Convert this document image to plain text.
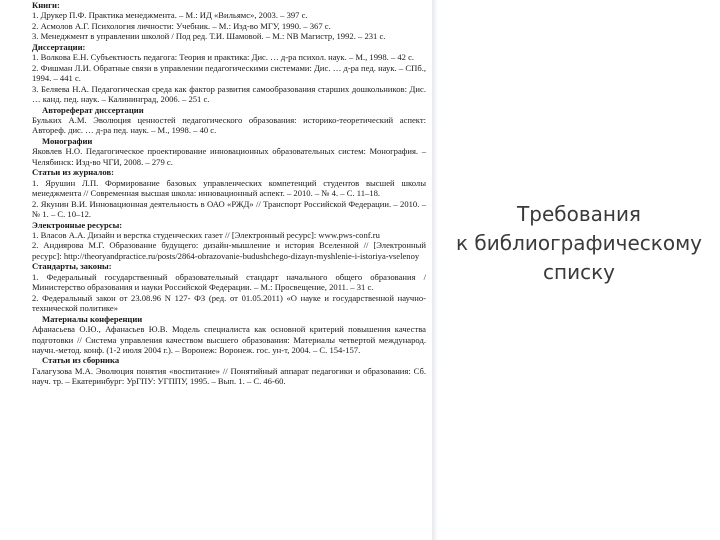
Книги:
1. Друкер П.Ф. Практика менеджмента. – М.: ИД «Вильямс», 2003. – 397 с.
2. Асмолов А.Г. Психология личности: Учебник. – М.: Изд-во МГУ, 1990. – 367 с.
3. Менеджмент в управлении школой / Под ред. Т.И. Шамовой. – М.: NB Магистр, 1992. – 231 с.
Диссертации:
1. Волкова Е.Н. Субъектность педагога: Теория и практика: Дис. … д-ра психол. наук. – М., 1998. – 42 с.
2. Фишман Л.И. Обратные связи в управлении педагогическими системами: Дис. … д-ра пед. наук. – СПб., 1994. – 441 с.
3. Беляева Н.А. Педагогическая среда как фактор развития самообразования старших дошкольников: Дис. … канд. пед. наук. – Калининград, 2006. – 251 с.
Автореферат диссертации
Бульких А.М. Эволюция ценностей педагогического образования: историко-теоретический аспект: Автореф. дис. … д-ра пед. наук. – М., 1998. – 40 с.
Монографии
Яковлев Н.О. Педагогическое проектирование инновационных образовательных систем: Монография. – Челябинск: Изд-во ЧГИ, 2008. – 279 с.
Статьи из журналов:
1. Ярушин Л.П. Формирование базовых управленческих компетенций студентов высшей школы менеджмента // Современная высшая школа: инновационный аспект. – 2010. – № 4. – С. 11–18.
2. Якунин В.И. Инновационная деятельность в ОАО «РЖД» // Транспорт Российской Федерации. – 2010. – № 1. – С. 10–12.
Электронные ресурсы:
1. Власов А.А. Дизайн и верстка студенческих газет // [Электронный ресурс]: www.pws-conf.ru
2. Андиярова М.Г. Образование будущего: дизайн-мышление и история Вселенной // [Электронный ресурс]: http://theoryandpractice.ru/posts/2864-obrazovanie-budushchego-dizayn-myshlenie-i-istoriya-vselenoy
Стандарты, законы:
1. Федеральный государственный образовательный стандарт начального общего образования / Министерство образования и науки Российской Федерации. – М.: Просвещение, 2011. – 31 с.
2. Федеральный закон от 23.08.96 N 127- ФЗ (ред. от 01.05.2011) «О науке и государственной научно-технической политике»
Материалы конференции
Афанасьева О.Ю., Афанасьев Ю.В. Модель специалиста как основной критерий повышения качества подготовки // Система управления качеством высшего образования: Материалы четвертой международ. научн.-метод. конф. (1-2 июля 2004 г.). – Воронеж: Воронеж. гос. ун-т, 2004. – С. 154-157.
Статьи из сборника
Галагузова М.А. Эволюция понятия «воспитание» // Понятийный аппарат педагогики и образования: Сб. науч. тр. – Екатеринбург: УрГПУ: УГППУ, 1995. – Вып. 1. – С. 46-60.
Требования
к библиографическому
списку
